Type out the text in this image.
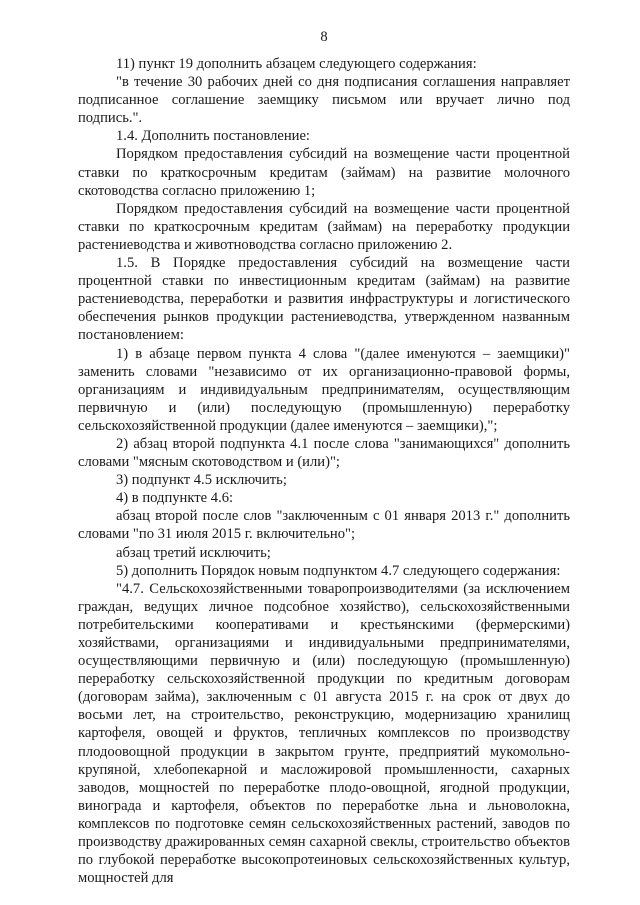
8

11) пункт 19 дополнить абзацем следующего содержания:

"в течение 30 рабочих дней со дня подписания соглашения направляет подписанное соглашение заемщику письмом или вручает лично под подпись.".

1.4. Дополнить постановление:

Порядком предоставления субсидий на возмещение части процентной ставки по краткосрочным кредитам (займам) на развитие молочного скотоводства согласно приложению 1;

Порядком предоставления субсидий на возмещение части процентной ставки по краткосрочным кредитам (займам) на переработку продукции растениеводства и животноводства согласно приложению 2.

1.5. В Порядке предоставления субсидий на возмещение части процентной ставки по инвестиционным кредитам (займам) на развитие растениеводства, переработки и развития инфраструктуры и логистического обеспечения рынков продукции растениеводства, утвержденном названным постановлением:

1) в абзаце первом пункта 4 слова "(далее именуются – заемщики)" заменить словами "независимо от их организационно-правовой формы, организациям и индивидуальным предпринимателям, осуществляющим первичную и (или) последующую (промышленную) переработку сельскохозяйственной продукции (далее именуются – заемщики),";

2) абзац второй подпункта 4.1 после слова "занимающихся" дополнить словами "мясным скотоводством и (или)";

3) подпункт 4.5 исключить;

4) в подпункте 4.6:

абзац второй после слов "заключенным с 01 января 2013 г." дополнить словами "по 31 июля 2015 г. включительно";

абзац третий исключить;

5) дополнить Порядок новым подпунктом 4.7 следующего содержания:

"4.7. Сельскохозяйственными товаропроизводителями (за исключением граждан, ведущих личное подсобное хозяйство), сельскохозяйственными потребительскими кооперативами и крестьянскими (фермерскими) хозяйствами, организациями и индивидуальными предпринимателями, осуществляющими первичную и (или) последующую (промышленную) переработку сельскохозяйственной продукции по кредитным договорам (договорам займа), заключенным с 01 августа 2015 г. на срок от двух до восьми лет, на строительство, реконструкцию, модернизацию хранилищ картофеля, овощей и фруктов, тепличных комплексов по производству плодоовощной продукции в закрытом грунте, предприятий мукомольно-крупяной, хлебопекарной и масложировой промышленности, сахарных заводов, мощностей по переработке плодо-овощной, ягодной продукции, винограда и картофеля, объектов по переработке льна и льноволокна, комплексов по подготовке семян сельскохозяйственных растений, заводов по производству дражированных семян сахарной свеклы, строительство объектов по глубокой переработке высокопротеиновых сельскохозяйственных культур, мощностей для
